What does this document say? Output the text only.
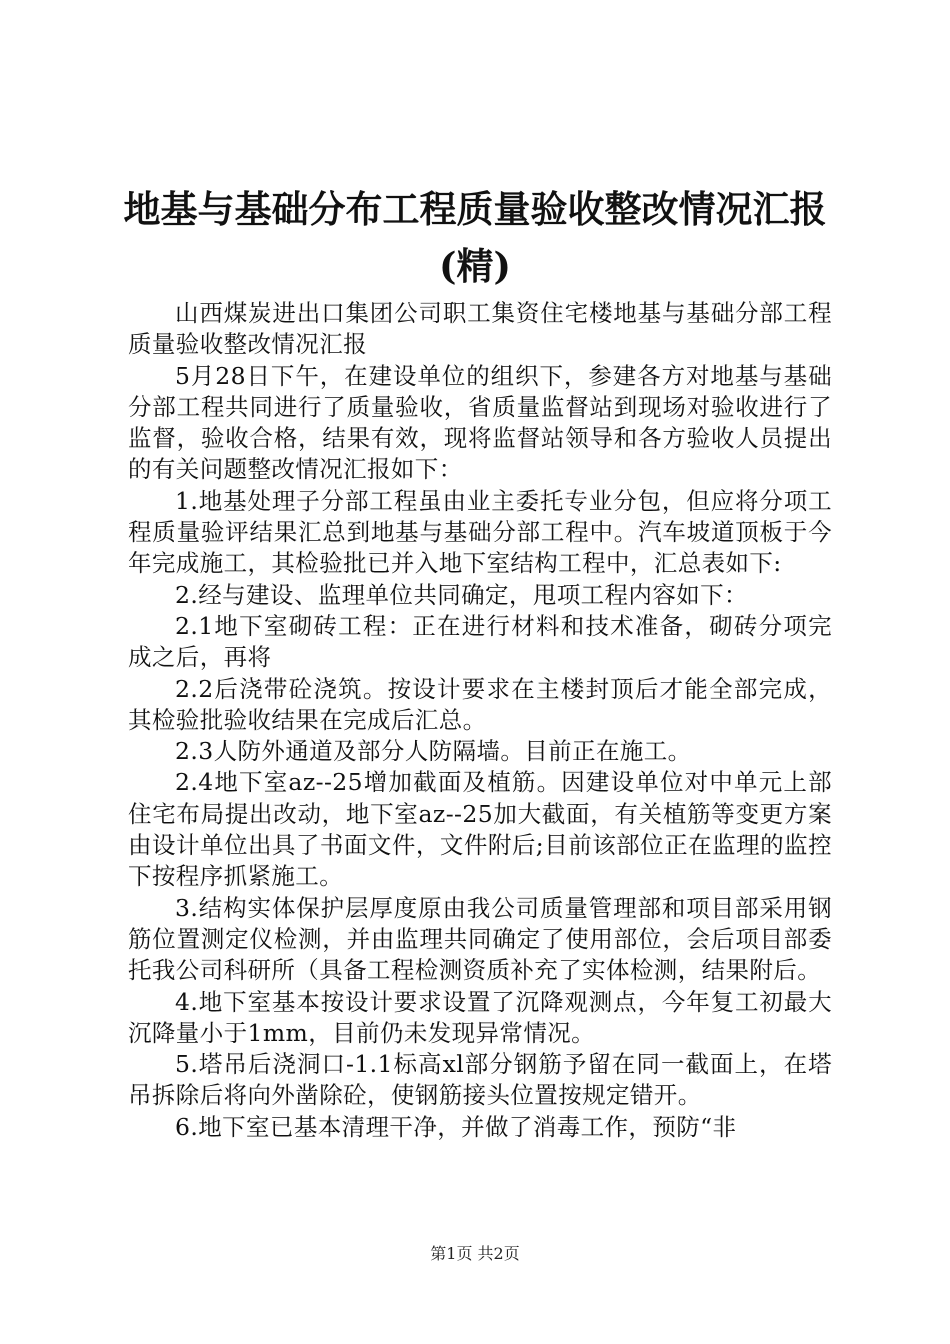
地基与基础分布工程质量验收整改情况汇报
(精)

山西煤炭进出口集团公司职工集资住宅楼地基与基础分部工程质量验收整改情况汇报

5月28日下午，在建设单位的组织下，参建各方对地基与基础分部工程共同进行了质量验收，省质量监督站到现场对验收进行了监督，验收合格，结果有效，现将监督站领导和各方验收人员提出的有关问题整改情况汇报如下：

1.地基处理子分部工程虽由业主委托专业分包，但应将分项工程质量验评结果汇总到地基与基础分部工程中。汽车坡道顶板于今年完成施工，其检验批已并入地下室结构工程中，汇总表如下:

2.经与建设、监理单位共同确定，甩项工程内容如下：

2.1地下室砌砖工程：正在进行材料和技术准备，砌砖分项完成之后，再将

2.2后浇带砼浇筑。按设计要求在主楼封顶后才能全部完成，其检验批验收结果在完成后汇总。

2.3人防外通道及部分人防隔墙。目前正在施工。

2.4地下室az--25增加截面及植筋。因建设单位对中单元上部住宅布局提出改动，地下室az--25加大截面，有关植筋等变更方案由设计单位出具了书面文件，文件附后;目前该部位正在监理的监控下按程序抓紧施工。

3.结构实体保护层厚度原由我公司质量管理部和项目部采用钢筋位置测定仪检测，并由监理共同确定了使用部位，会后项目部委托我公司科研所（具备工程检测资质补充了实体检测，结果附后。

4.地下室基本按设计要求设置了沉降观测点，今年复工初最大沉降量小于1mm，目前仍未发现异常情况。

5.塔吊后浇洞口-1.1标高xl部分钢筋予留在同一截面上，在塔吊拆除后将向外凿除砼，使钢筋接头位置按规定错开。

6.地下室已基本清理干净，并做了消毒工作，预防“非

第1页 共2页
